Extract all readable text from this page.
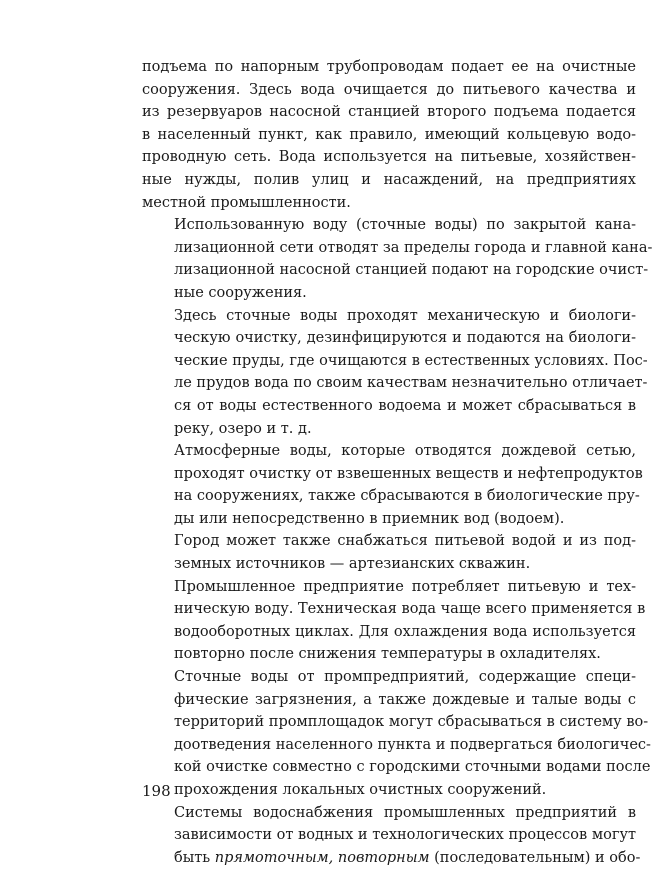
подъема по напорным трубопроводам подает ее на очистные
сооружения. Здесь вода очищается до питьевого качества и
из резервуаров насосной станцией второго подъема подается
в населенный пункт, как правило, имеющий кольцевую водо-
проводную сеть. Вода используется на питьевые, хозяйствен-
ные нужды, полив улиц и насаждений, на предприятиях
местной промышленности.

Использованную воду (сточные воды) по закрытой кана-
лизационной сети отводят за пределы города и главной кана-
лизационной насосной станцией подают на городские очист-
ные сооружения.

Здесь сточные воды проходят механическую и биологи-
ческую очистку, дезинфицируются и подаются на биологи-
ческие пруды, где очищаются в естественных условиях. Пос-
ле прудов вода по своим качествам незначительно отличает-
ся от воды естественного водоема и может сбрасываться в
реку, озеро и т. д.

Атмосферные воды, которые отводятся дождевой сетью,
проходят очистку от взвешенных веществ и нефтепродуктов
на сооружениях, также сбрасываются в биологические пру-
ды или непосредственно в приемник вод (водоем).

Город может также снабжаться питьевой водой и из под-
земных источников — артезианских скважин.

Промышленное предприятие потребляет питьевую и тех-
ническую воду. Техническая вода чаще всего применяется в
водооборотных циклах. Для охлаждения вода используется
повторно после снижения температуры в охладителях.

Сточные воды от промпредприятий, содержащие специ-
фические загрязнения, а также дождевые и талые воды с
территорий промплощадок могут сбрасываться в систему во-
доотведения населенного пункта и подвергаться биологичес-
кой очистке совместно с городскими сточными водами после
прохождения локальных очистных сооружений.

Системы водоснабжения промышленных предприятий в
зависимости от водных и технологических процессов могут
быть прямоточным, повторным (последовательным) и обо-

198
